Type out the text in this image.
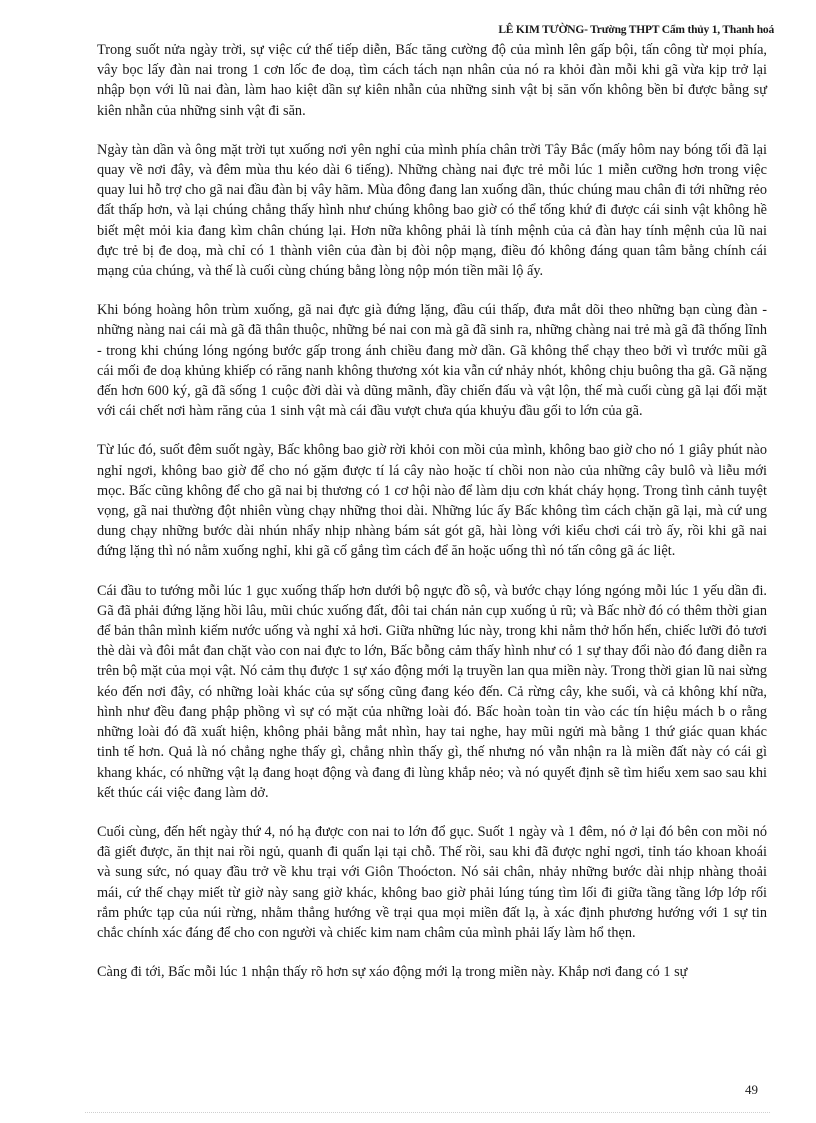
LÊ KIM TƯỜNG- Trường THPT Cẩm thủy 1, Thanh hoá

Trong suốt nửa ngày trời, sự việc cứ thế tiếp diễn, Bấc tăng cường độ của mình lên gấp bội, tấn công từ mọi phía, vây bọc lấy đàn nai trong 1 cơn lốc đe doạ, tìm cách tách nạn nhân của nó ra khỏi đàn mỗi khi gã vừa kịp trở lại nhập bọn với lũ nai đàn, làm hao kiệt dần sự kiên nhẫn của những sinh vật bị săn vốn không bền bỉ được bằng sự kiên nhẫn của những sinh vật đi săn.

Ngày tàn dần và ông mặt trời tụt xuống nơi yên nghỉ của mình phía chân trời Tây Bắc (mấy hôm nay bóng tối đã lại quay về nơi đây, và đêm mùa thu kéo dài 6 tiếng). Những chàng nai đực trẻ mỗi lúc 1 miễn cưỡng hơn trong việc quay lui hỗ trợ cho gã nai đầu đàn bị vây hãm. Mùa đông đang lan xuống dần, thúc chúng mau chân đi tới những rẻo đất thấp hơn, và lại chúng chẳng thấy hình như chúng không bao giờ có thể tống khứ đi được cái sinh vật không hề biết mệt mỏi kia đang kìm chân chúng lại. Hơn nữa không phải là tính mệnh của cả đàn hay tính mệnh của lũ nai đực trẻ bị đe doạ, mà chỉ có 1 thành viên của đàn bị đòi nộp mạng, điều đó không đáng quan tâm bằng chính cái mạng của chúng, và thế là cuối cùng chúng bằng lòng nộp món tiền mãi lộ ấy.

Khi bóng hoàng hôn trùm xuống, gã nai đực già đứng lặng, đầu cúi thấp, đưa mắt dõi theo những bạn cùng đàn - những nàng nai cái mà gã đã thân thuộc, những bé nai con mà gã đã sinh ra, những chàng nai trẻ mà gã đã thống lĩnh - trong khi chúng lóng ngóng bước gấp trong ánh chiều đang mờ dần. Gã không thể chạy theo bởi vì trước mũi gã cái mối đe doạ khủng khiếp có răng nanh không thương xót kia vẫn cứ nhảy nhót, không chịu buông tha gã. Gã nặng đến hơn 600 ký, gã đã sống 1 cuộc đời dài và dũng mãnh, đầy chiến đấu và vật lộn, thế mà cuối cùng gã lại đối mặt với cái chết nơi hàm răng của 1 sinh vật mà cái đầu vượt chưa qúa khuỷu đầu gối to lớn của gã.

Từ lúc đó, suốt đêm suốt ngày, Bấc không bao giờ rời khỏi con mồi của mình, không bao giờ cho nó 1 giây phút nào nghỉ ngơi, không bao giờ để cho nó gặm được tí lá cây nào hoặc tí chồi non nào của những cây bulô và liễu mới mọc. Bấc cũng không để cho gã nai bị thương có 1 cơ hội nào để làm dịu cơn khát cháy họng. Trong tình cảnh tuyệt vọng, gã nai thường đột nhiên vùng chạy những thoi dài. Những lúc ấy Bấc không tìm cách chặn gã lại, mà cứ ung dung chạy những bước dài nhún nhẩy nhịp nhàng bám sát gót gã, hài lòng với kiểu chơi cái trò ấy, rồi khi gã nai đứng lặng thì nó nằm xuống nghỉ, khi gã cố gắng tìm cách để ăn hoặc uống thì nó tấn công gã ác liệt.

Cái đầu to tướng mỗi lúc 1 gục xuống thấp hơn dưới bộ ngực đồ sộ, và bước chạy lóng ngóng mỗi lúc 1 yếu dần đi. Gã đã phải đứng lặng hồi lâu, mũi chúc xuống đất, đôi tai chán nản cụp xuống ủ rũ; và Bấc nhờ đó có thêm thời gian để bản thân mình kiếm nước uống và nghỉ xả hơi. Giữa những lúc này, trong khi nằm thở hổn hển, chiếc lưỡi đỏ tươi thè dài và đôi mắt đan chặt vào con nai đực to lớn, Bấc bỗng cảm thấy hình như có 1 sự thay đổi nào đó đang diễn ra trên bộ mặt của mọi vật. Nó cảm thụ được 1 sự xáo động mới lạ truyền lan qua miền này. Trong thời gian lũ nai sừng kéo đến nơi đây, có những loài khác của sự sống cũng đang kéo đến. Cả rừng cây, khe suối, và cả không khí nữa, hình như đều đang phập phồng vì sự có mặt của những loài đó. Bấc hoàn toàn tin vào các tín hiệu mách b o rằng những loài đó đã xuất hiện, không phải bằng mắt nhìn, hay tai nghe, hay mũi ngửi mà bằng 1 thứ giác quan khác tinh tế hơn. Quả là nó chẳng nghe thấy gì, chẳng nhìn thấy gì, thế nhưng nó vẫn nhận ra là miền đất này có cái gì khang khác, có những vật lạ đang hoạt động và đang đi lùng khắp nẻo; và nó quyết định sẽ tìm hiểu xem sao sau khi kết thúc cái việc đang làm dở.

Cuối cùng, đến hết ngày thứ 4, nó hạ được con nai to lớn đổ gục. Suốt 1 ngày và 1 đêm, nó ở lại đó bên con mồi nó đã giết được, ăn thịt nai rồi ngủ, quanh đi quẩn lại tại chỗ. Thế rồi, sau khi đã được nghỉ ngơi, tỉnh táo khoan khoái và sung sức, nó quay đầu trở về khu trại với Giôn Thoócton. Nó sải chân, nhảy những bước dài nhịp nhàng thoải mái, cứ thế chạy miết từ giờ này sang giờ khác, không bao giờ phải lúng túng tìm lối đi giữa tầng tầng lớp lớp rối rắm phức tạp của núi rừng, nhằm thẳng hướng về trại qua mọi miền đất lạ, à xác định phương hướng với 1 sự tin chắc chính xác đáng để cho con người và chiếc kim nam châm của mình phải lấy làm hổ thẹn.

Càng đi tới, Bấc mỗi lúc 1 nhận thấy rõ hơn sự xáo động mới lạ trong miền này. Khắp nơi đang có 1 sự

49
